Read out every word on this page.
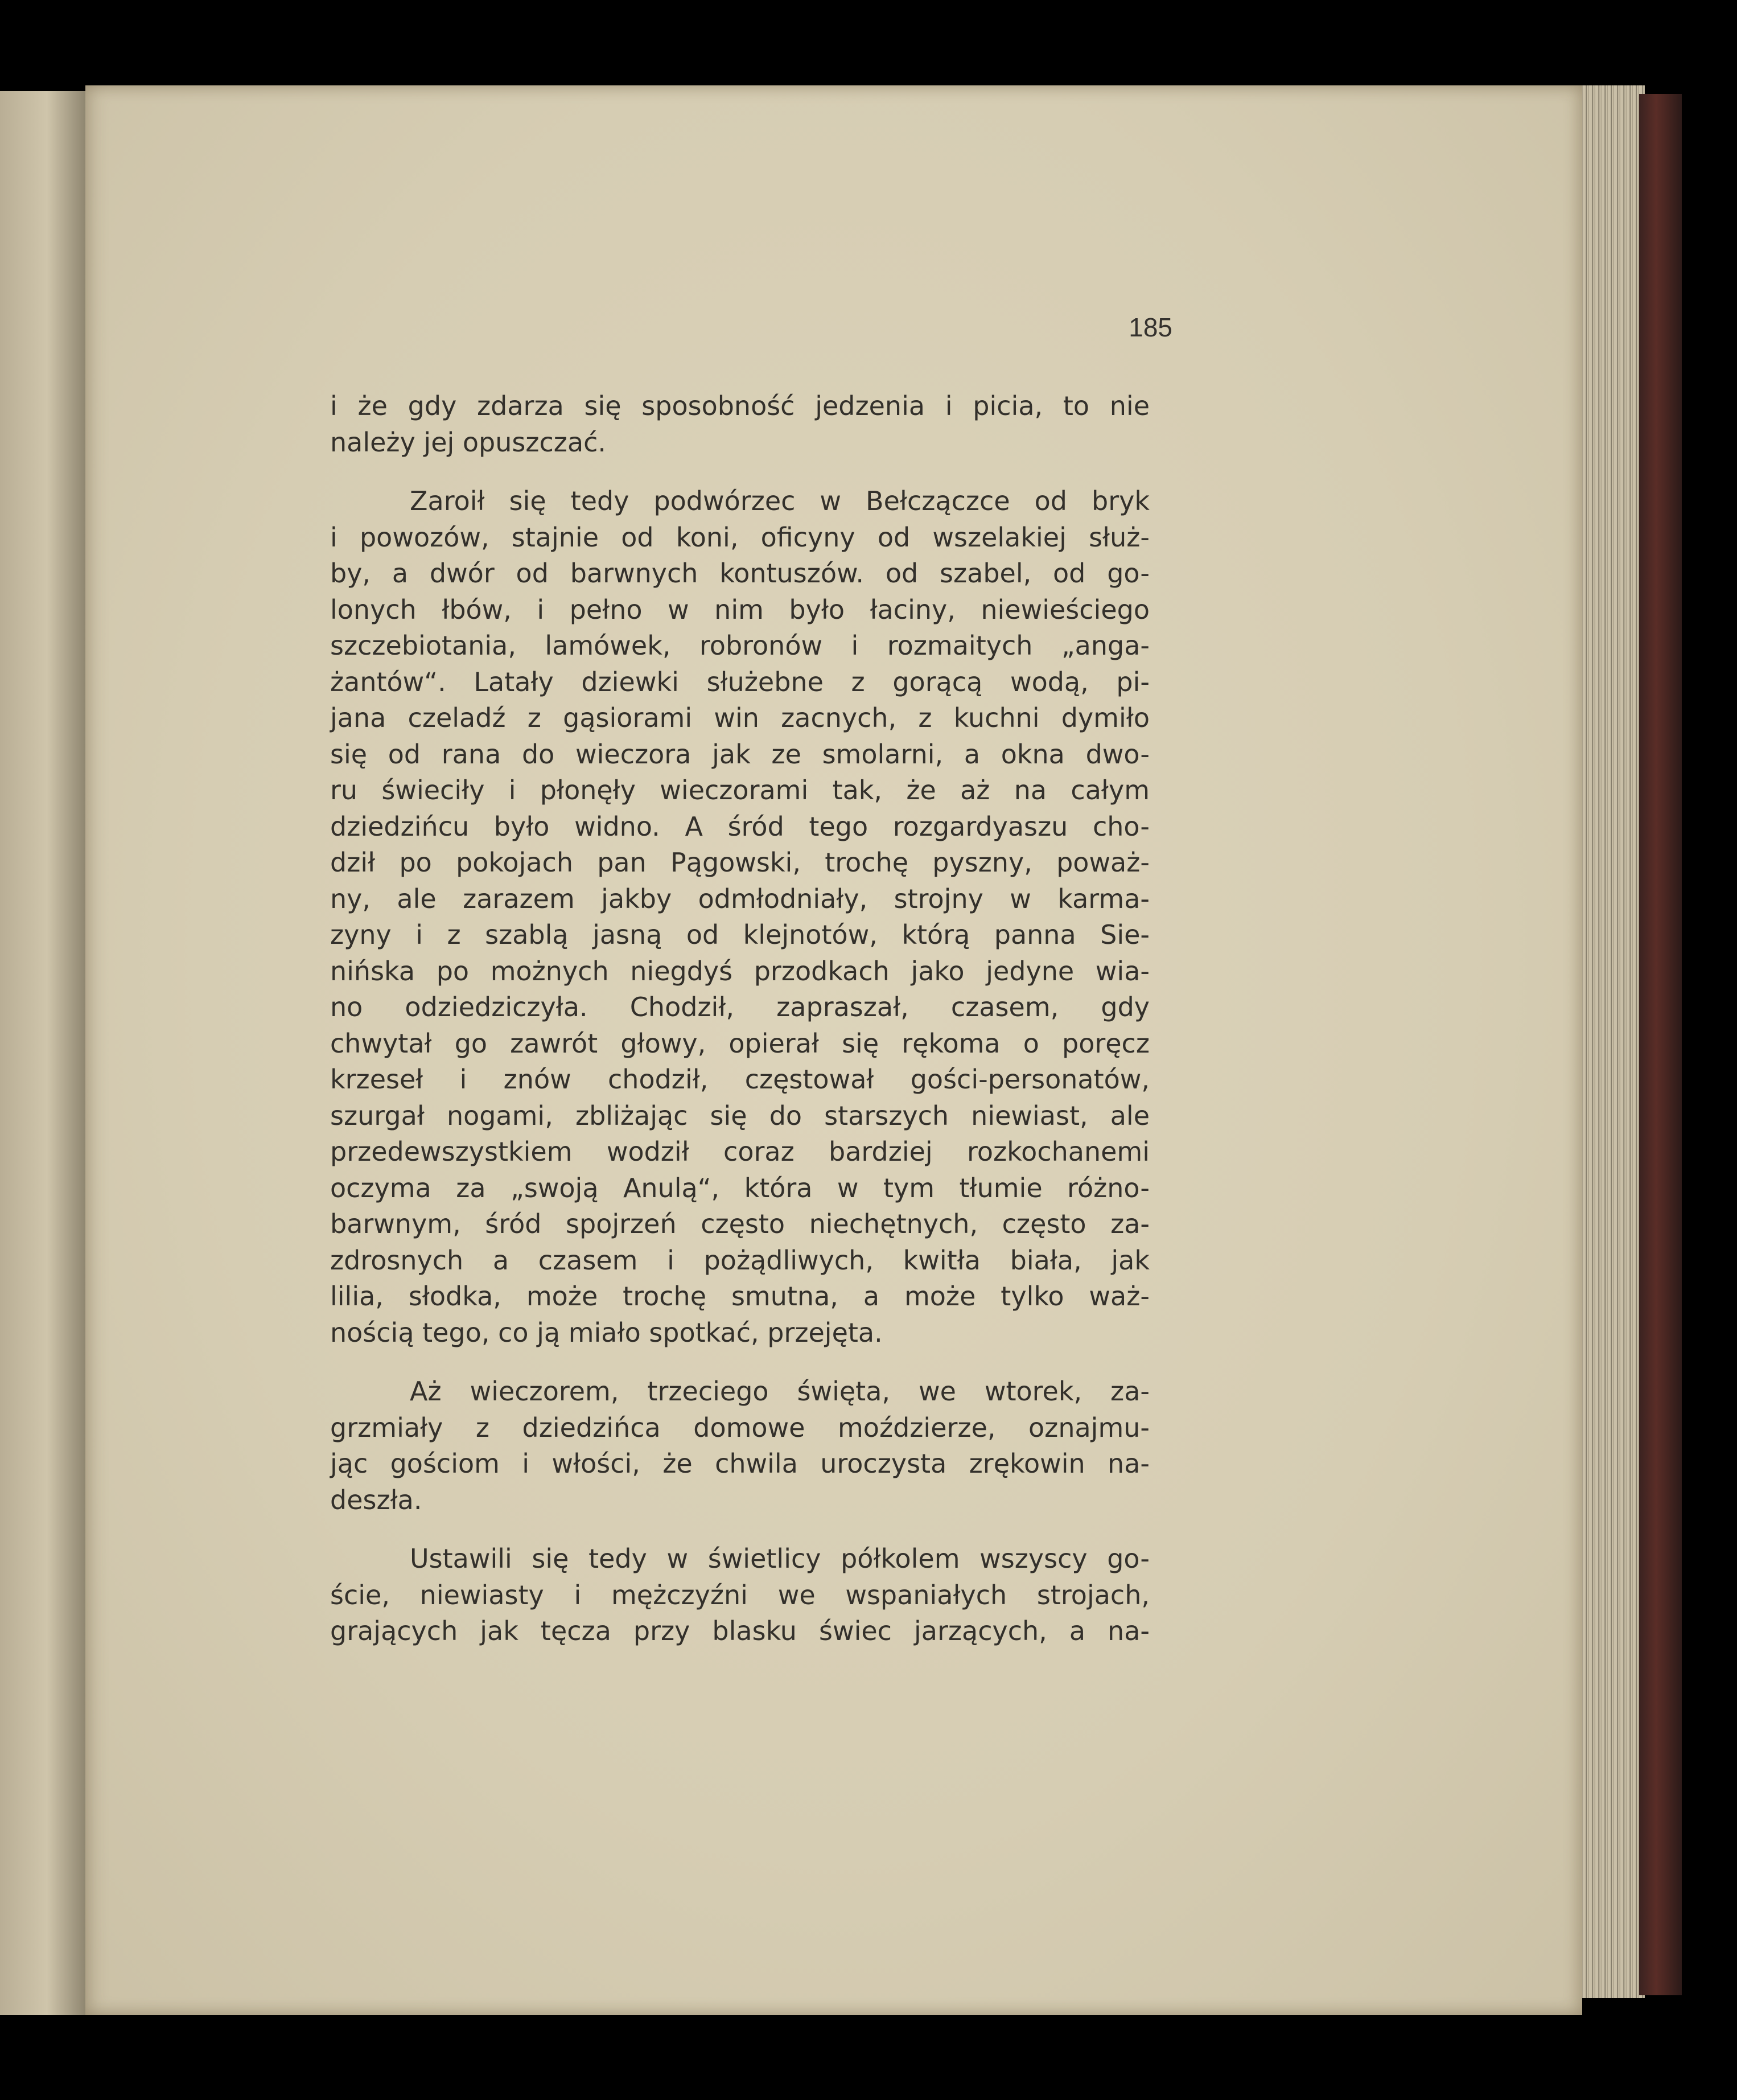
185
i że gdy zdarza się sposobność jedzenia i picia, to nie
należy jej opuszczać.
Zaroił się tedy podwórzec w Bełczączce od bryk
i powozów, stajnie od koni, oficyny od wszelakiej służ-
by, a dwór od barwnych kontuszów. od szabel, od go-
lonych łbów, i pełno w nim było łaciny, niewieściego
szczebiotania, lamówek, robronów i rozmaitych „anga-
żantów“. Latały dziewki służebne z gorącą wodą, pi-
jana czeladź z gąsiorami win zacnych, z kuchni dymiło
się od rana do wieczora jak ze smolarni, a okna dwo-
ru świeciły i płonęły wieczorami tak, że aż na całym
dziedzińcu było widno. A śród tego rozgardyaszu cho-
dził po pokojach pan Pągowski, trochę pyszny, poważ-
ny, ale zarazem jakby odmłodniały, strojny w karma-
zyny i z szablą jasną od klejnotów, którą panna Sie-
nińska po możnych niegdyś przodkach jako jedyne wia-
no odziedziczyła. Chodził, zapraszał, czasem, gdy
chwytał go zawrót głowy, opierał się rękoma o poręcz
krzeseł i znów chodził, częstował gości-personatów,
szurgał nogami, zbliżając się do starszych niewiast, ale
przedewszystkiem wodził coraz bardziej rozkochanemi
oczyma za „swoją Anulą“, która w tym tłumie różno-
barwnym, śród spojrzeń często niechętnych, często za-
zdrosnych a czasem i pożądliwych, kwitła biała, jak
lilia, słodka, może trochę smutna, a może tylko waż-
nością tego, co ją miało spotkać, przejęta.
Aż wieczorem, trzeciego święta, we wtorek, za-
grzmiały z dziedzińca domowe moździerze, oznajmu-
jąc gościom i włości, że chwila uroczysta zrękowin na-
deszła.
Ustawili się tedy w świetlicy półkolem wszyscy go-
ście, niewiasty i mężczyźni we wspaniałych strojach,
grających jak tęcza przy blasku świec jarzących, a na-
